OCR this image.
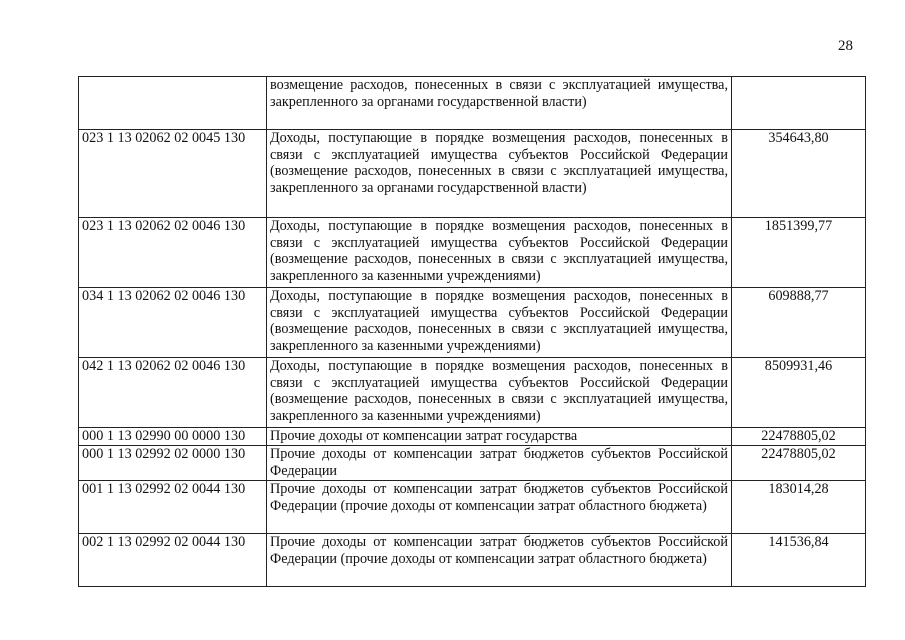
28
	возмещение расходов, понесенных в связи с эксплуатацией имущества, закрепленного за органами государственной власти)	
023 1 13 02062 02 0045 130	Доходы, поступающие в порядке возмещения расходов, понесенных в связи с эксплуатацией имущества субъектов Российской Федерации (возмещение расходов, понесенных в связи с эксплуатацией имущества, закрепленного за органами государственной власти)	354643,80
023 1 13 02062 02 0046 130	Доходы, поступающие в порядке возмещения расходов, понесенных в связи с эксплуатацией имущества субъектов Российской Федерации (возмещение расходов, понесенных в связи с эксплуатацией имущества, закрепленного за казенными учреждениями)	1851399,77
034 1 13 02062 02 0046 130	Доходы, поступающие в порядке возмещения расходов, понесенных в связи с эксплуатацией имущества субъектов Российской Федерации (возмещение расходов, понесенных в связи с эксплуатацией имущества, закрепленного за казенными учреждениями)	609888,77
042 1 13 02062 02 0046 130	Доходы, поступающие в порядке возмещения расходов, понесенных в связи с эксплуатацией имущества субъектов Российской Федерации (возмещение расходов, понесенных в связи с эксплуатацией имущества, закрепленного за казенными учреждениями)	8509931,46
000 1 13 02990 00 0000 130	Прочие доходы от компенсации затрат государства	22478805,02
000 1 13 02992 02 0000 130	Прочие доходы от компенсации затрат бюджетов субъектов Российской Федерации	22478805,02
001 1 13 02992 02 0044 130	Прочие доходы от компенсации затрат бюджетов субъектов Российской Федерации (прочие доходы от компенсации затрат областного бюджета)	183014,28
002 1 13 02992 02 0044 130	Прочие доходы от компенсации затрат бюджетов субъектов Российской Федерации (прочие доходы от компенсации затрат областного бюджета)	141536,84
